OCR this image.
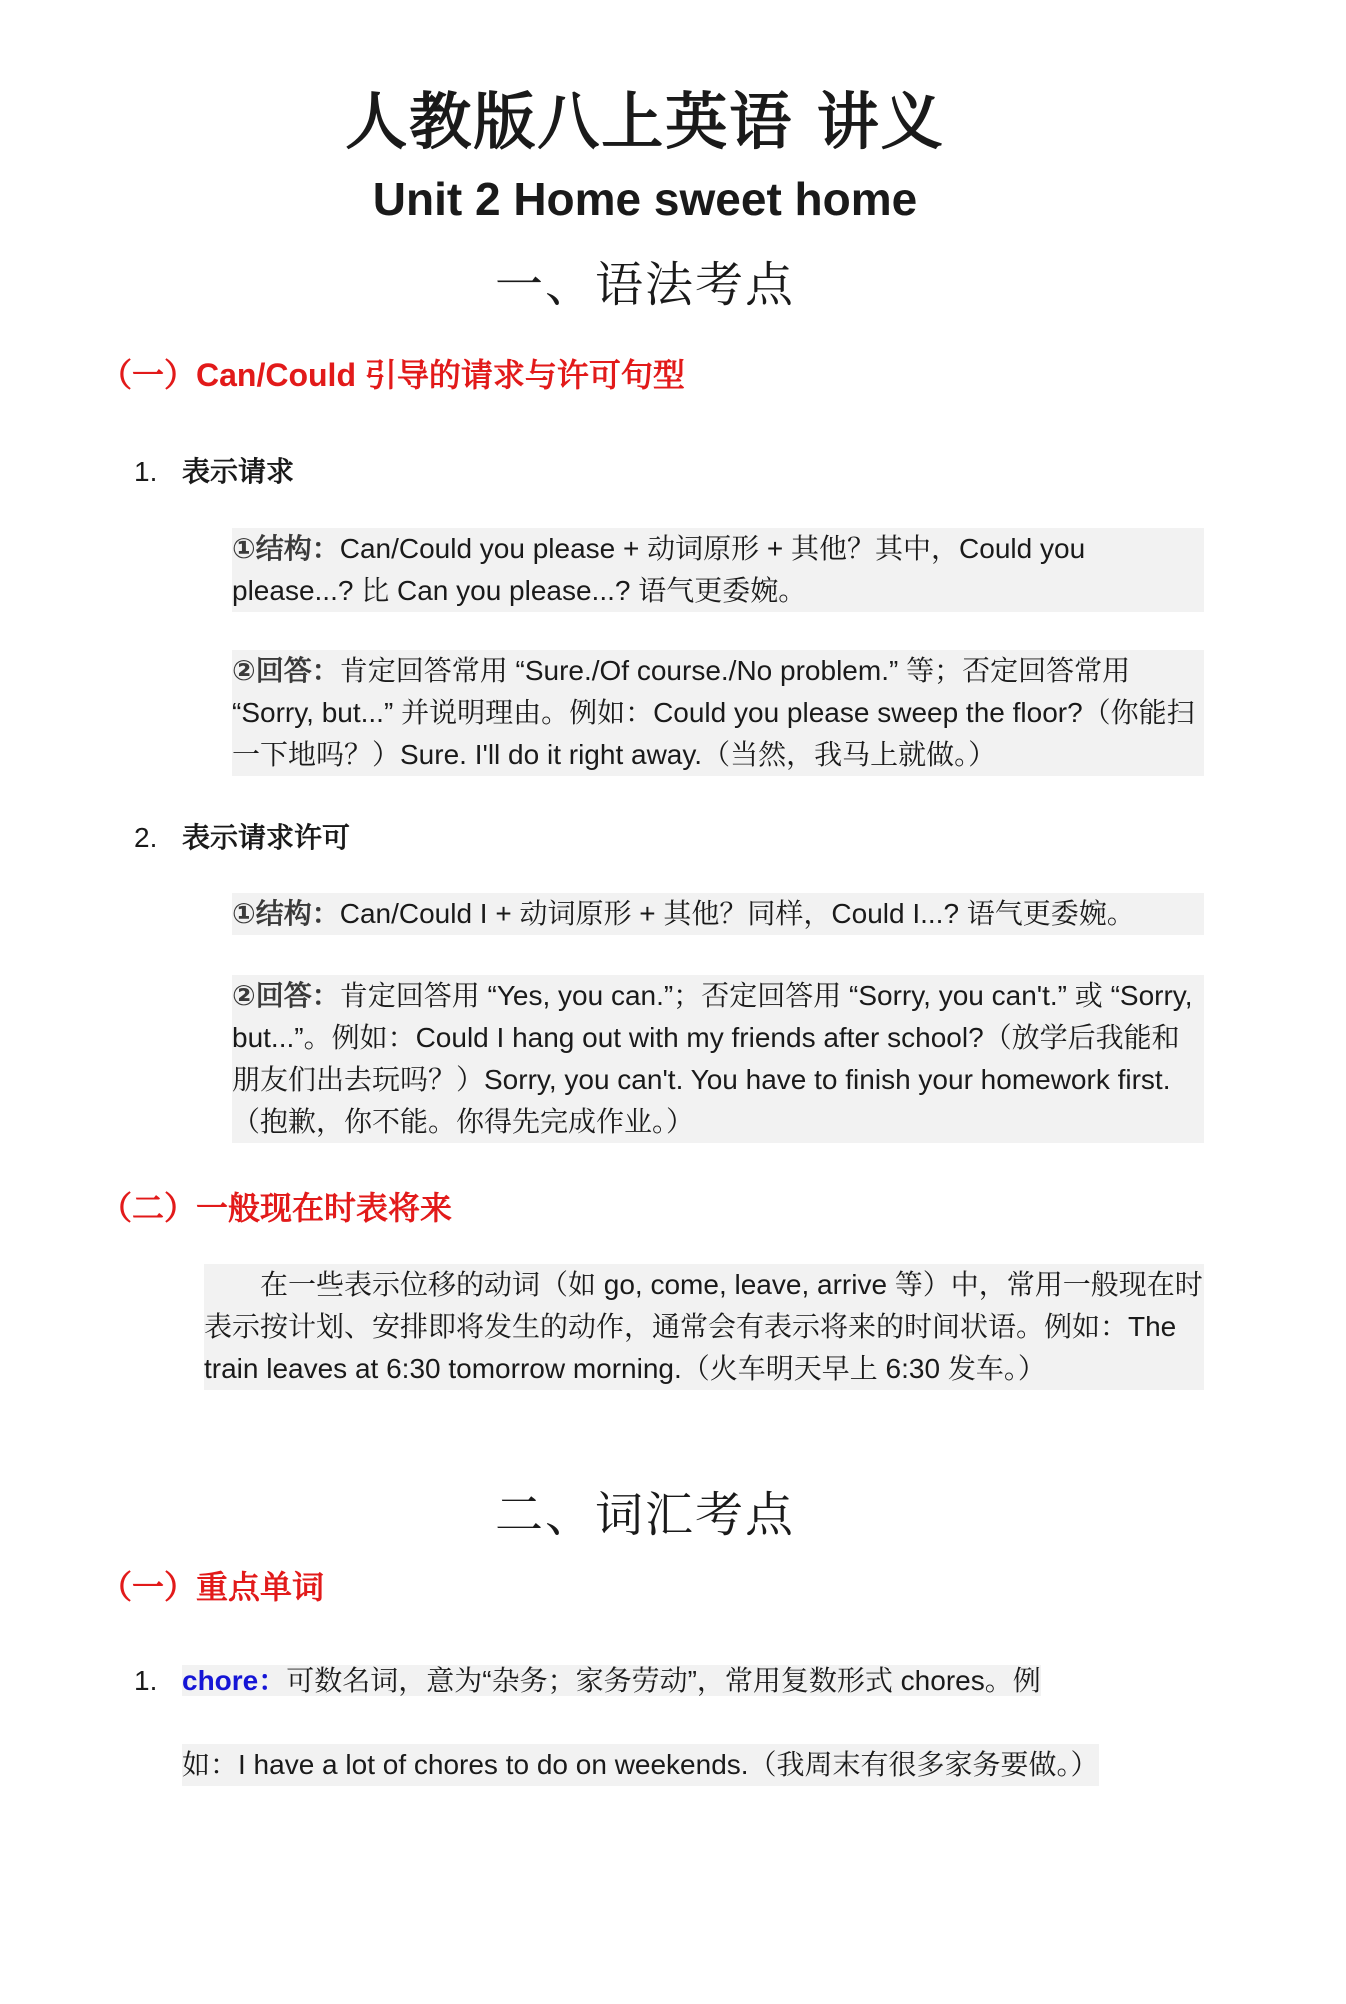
人教版八上英语 讲义
Unit 2 Home sweet home
一、语法考点
（一）Can/Could 引导的请求与许可句型
1. 表示请求

①结构：Can/Could you please + 动词原形 + 其他？其中，Could you please...? 比 Can you please...? 语气更委婉。

②回答：肯定回答常用 “Sure./Of course./No problem.” 等；否定回答常用 “Sorry, but...” 并说明理由。例如：Could you please sweep the floor?（你能扫一下地吗？）Sure. I'll do it right away.（当然，我马上就做。）

2. 表示请求许可

①结构：Can/Could I + 动词原形 + 其他？同样，Could I...? 语气更委婉。

②回答：肯定回答用 “Yes, you can.”；否定回答用 “Sorry, you can't.” 或 “Sorry, but...”。例如：Could I hang out with my friends after school?（放学后我能和朋友们出去玩吗？）Sorry, you can't. You have to finish your homework first.（抱歉，你不能。你得先完成作业。）

（二）一般现在时表将来

在一些表示位移的动词（如 go, come, leave, arrive 等）中，常用一般现在时表示按计划、安排即将发生的动作，通常会有表示将来的时间状语。例如：The train leaves at 6:30 tomorrow morning.（火车明天早上 6:30 发车。）

二、词汇考点
（一）重点单词
1. chore：可数名词，意为“杂务；家务劳动”，常用复数形式 chores。例
如：I have a lot of chores to do on weekends.（我周末有很多家务要做。）
